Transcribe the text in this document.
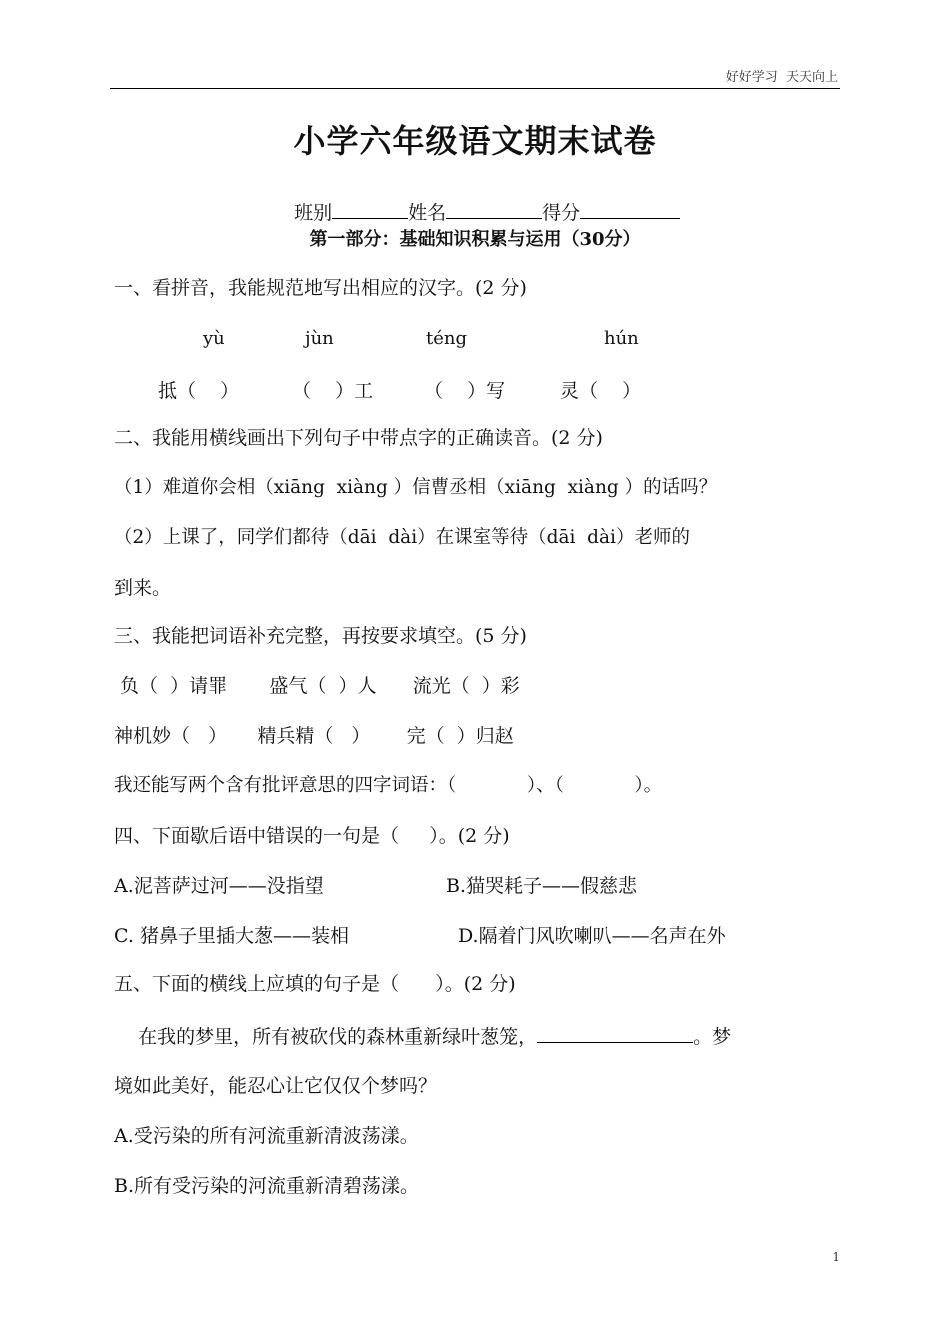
好好学习  天天向上
小学六年级语文期末试卷

班别	姓名	得分

第一部分：基础知识积累与运用（30分）
一、看拼音，我能规范地写出相应的汉字。(2 分)
yù	jùn	téng	hún
抵（    ）	（    ）工	（    ）写	灵（    ）
二、我能用横线画出下列句子中带点字的正确读音。(2 分)
（1）难道你会相（xiāng  xiàng ）信曹丞相（xiāng  xiàng ）的话吗？
（2）上课了，同学们都待（dāi  dài）在课室等待（dāi  dài）老师的
到来。
三、我能把词语补充完整，再按要求填空。(5 分)
负（  ）请罪       盛气（  ）人      流光（  ）彩
神机妙（   ）     精兵精（   ）      完（  ）归赵
我还能写两个含有批评意思的四字词语：（            ）、（            ）。
四、下面歇后语中错误的一句是（     ）。(2 分)
A.泥菩萨过河——没指望	B.猫哭耗子——假慈悲
C. 猪鼻子里插大葱——装相	D.隔着门风吹喇叭——名声在外
五、下面的横线上应填的句子是（      ）。(2 分)
在我的梦里，所有被砍伐的森林重新绿叶葱笼，	。梦
境如此美好，能忍心让它仅仅个梦吗？
A.受污染的所有河流重新清波荡漾。
B.所有受污染的河流重新清碧荡漾。
1
